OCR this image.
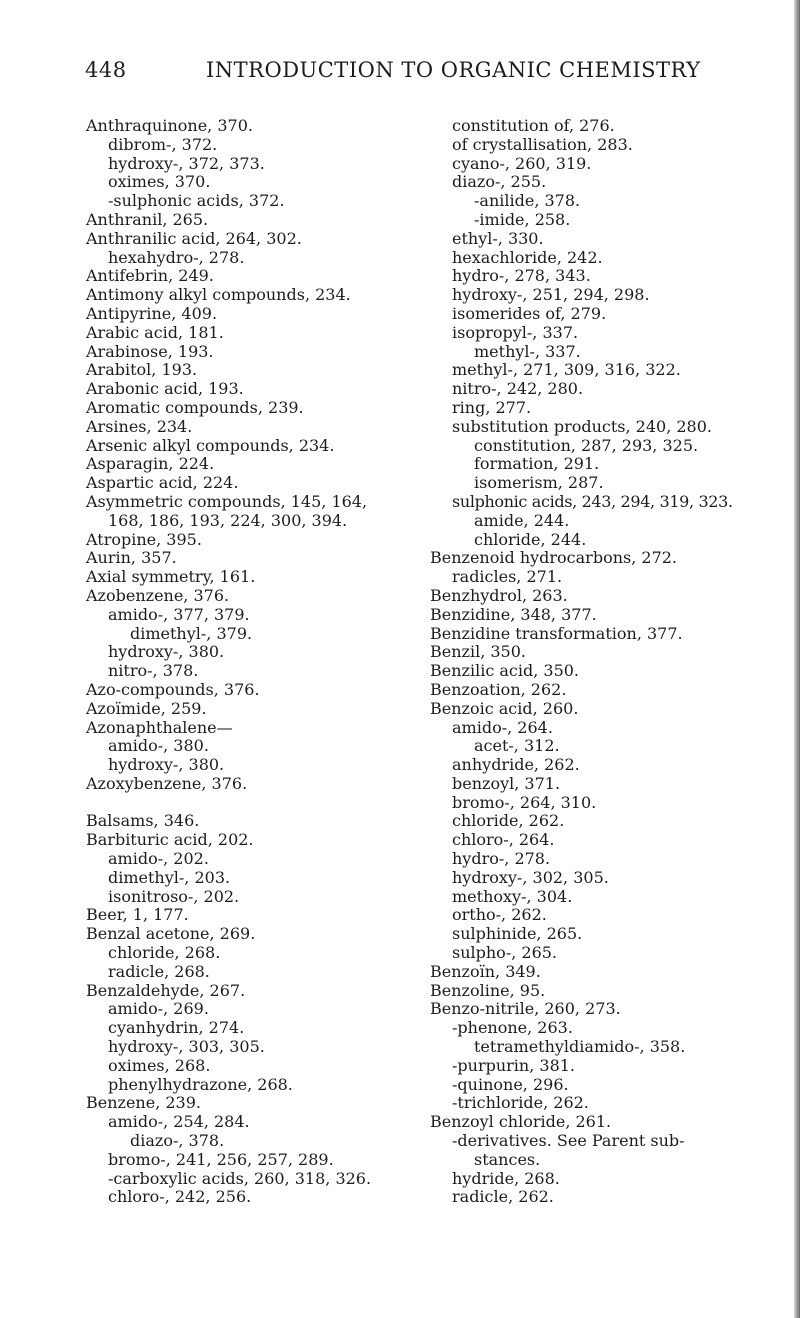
448	INTRODUCTION TO ORGANIC CHEMISTRY
Anthraquinone, 370.
dibrom-, 372.
hydroxy-, 372, 373.
oximes, 370.
-sulphonic acids, 372.
Anthranil, 265.
Anthranilic acid, 264, 302.
hexahydro-, 278.
Antifebrin, 249.
Antimony alkyl compounds, 234.
Antipyrine, 409.
Arabic acid, 181.
Arabinose, 193.
Arabitol, 193.
Arabonic acid, 193.
Aromatic compounds, 239.
Arsines, 234.
Arsenic alkyl compounds, 234.
Asparagin, 224.
Aspartic acid, 224.
Asymmetric compounds, 145, 164,
168, 186, 193, 224, 300, 394.
Atropine, 395.
Aurin, 357.
Axial symmetry, 161.
Azobenzene, 376.
amido-, 377, 379.
dimethyl-, 379.
hydroxy-, 380.
nitro-, 378.
Azo-compounds, 376.
Azoïmide, 259.
Azonaphthalene—
amido-, 380.
hydroxy-, 380.
Azoxybenzene, 376.
Balsams, 346.
Barbituric acid, 202.
amido-, 202.
dimethyl-, 203.
isonitroso-, 202.
Beer, 1, 177.
Benzal acetone, 269.
chloride, 268.
radicle, 268.
Benzaldehyde, 267.
amido-, 269.
cyanhydrin, 274.
hydroxy-, 303, 305.
oximes, 268.
phenylhydrazone, 268.
Benzene, 239.
amido-, 254, 284.
diazo-, 378.
bromo-, 241, 256, 257, 289.
-carboxylic acids, 260, 318, 326.
chloro-, 242, 256.
constitution of, 276.
of crystallisation, 283.
cyano-, 260, 319.
diazo-, 255.
-anilide, 378.
-imide, 258.
ethyl-, 330.
hexachloride, 242.
hydro-, 278, 343.
hydroxy-, 251, 294, 298.
isomerides of, 279.
isopropyl-, 337.
methyl-, 337.
methyl-, 271, 309, 316, 322.
nitro-, 242, 280.
ring, 277.
substitution products, 240, 280.
constitution, 287, 293, 325.
formation, 291.
isomerism, 287.
sulphonic acids, 243, 294, 319, 323.
amide, 244.
chloride, 244.
Benzenoid hydrocarbons, 272.
radicles, 271.
Benzhydrol, 263.
Benzidine, 348, 377.
Benzidine transformation, 377.
Benzil, 350.
Benzilic acid, 350.
Benzoation, 262.
Benzoic acid, 260.
amido-, 264.
acet-, 312.
anhydride, 262.
benzoyl, 371.
bromo-, 264, 310.
chloride, 262.
chloro-, 264.
hydro-, 278.
hydroxy-, 302, 305.
methoxy-, 304.
ortho-, 262.
sulphinide, 265.
sulpho-, 265.
Benzoïn, 349.
Benzoline, 95.
Benzo-nitrile, 260, 273.
-phenone, 263.
tetramethyldiamido-, 358.
-purpurin, 381.
-quinone, 296.
-trichloride, 262.
Benzoyl chloride, 261.
-derivatives. See Parent sub-
stances.
hydride, 268.
radicle, 262.
